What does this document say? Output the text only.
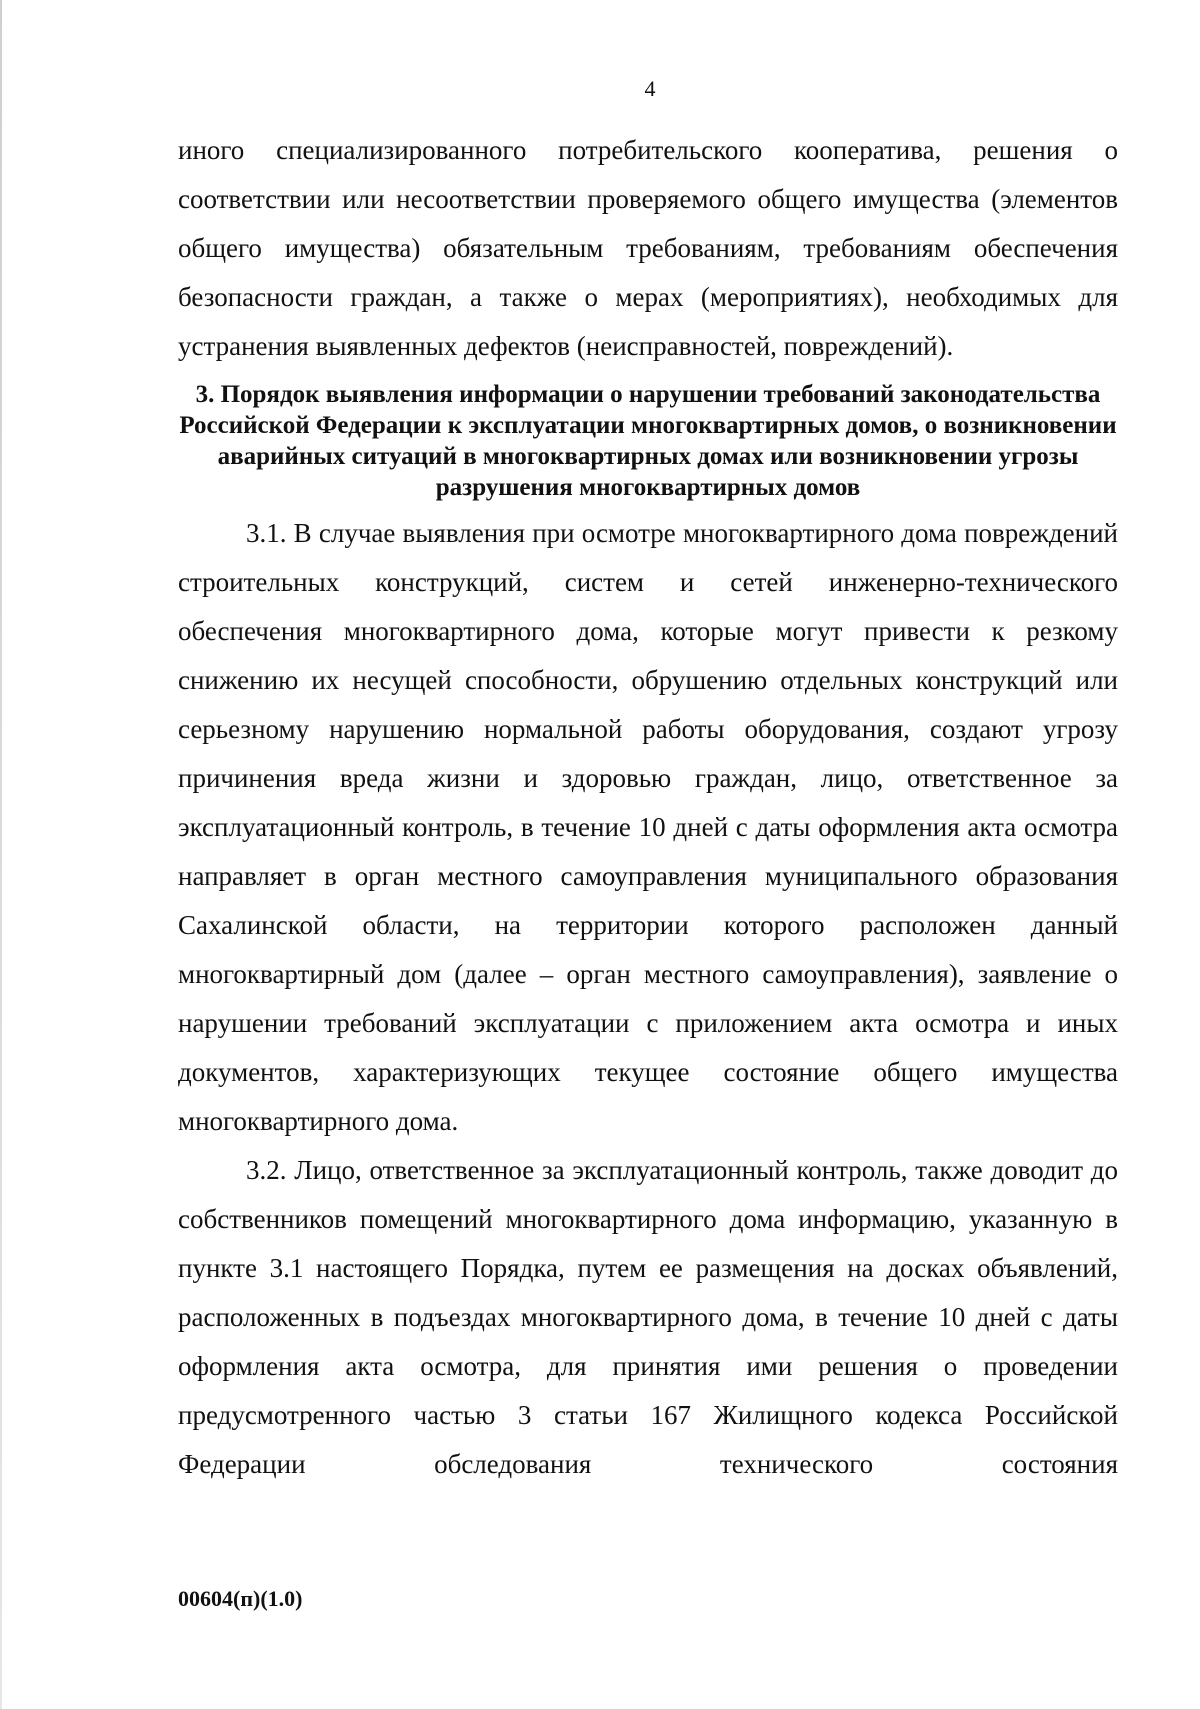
4

иного специализированного потребительского кооператива, решения о соответствии или несоответствии проверяемого общего имущества (элементов общего имущества) обязательным требованиям, требованиям обеспечения безопасности граждан, а также о мерах (мероприятиях), необходимых для устранения выявленных дефектов (неисправностей, повреждений).

3. Порядок выявления информации о нарушении требований законодательства Российской Федерации к эксплуатации многоквартирных домов, о возникновении аварийных ситуаций в многоквартирных домах или возникновении угрозы разрушения многоквартирных домов

3.1. В случае выявления при осмотре многоквартирного дома повреждений строительных конструкций, систем и сетей инженерно-технического обеспечения многоквартирного дома, которые могут привести к резкому снижению их несущей способности, обрушению отдельных конструкций или серьезному нарушению нормальной работы оборудования, создают угрозу причинения вреда жизни и здоровью граждан, лицо, ответственное за эксплуатационный контроль, в течение 10 дней с даты оформления акта осмотра направляет в орган местного самоуправления муниципального образования Сахалинской области, на территории которого расположен данный многоквартирный дом (далее – орган местного самоуправления), заявление о нарушении требований эксплуатации с приложением акта осмотра и иных документов, характеризующих текущее состояние общего имущества многоквартирного дома.

3.2. Лицо, ответственное за эксплуатационный контроль, также доводит до собственников помещений многоквартирного дома информацию, указанную в пункте 3.1 настоящего Порядка, путем ее размещения на досках объявлений, расположенных в подъездах многоквартирного дома, в течение 10 дней с даты оформления акта осмотра, для принятия ими решения о проведении предусмотренного частью 3 статьи 167 Жилищного кодекса Российской Федерации обследования технического состояния

00604(п)(1.0)
